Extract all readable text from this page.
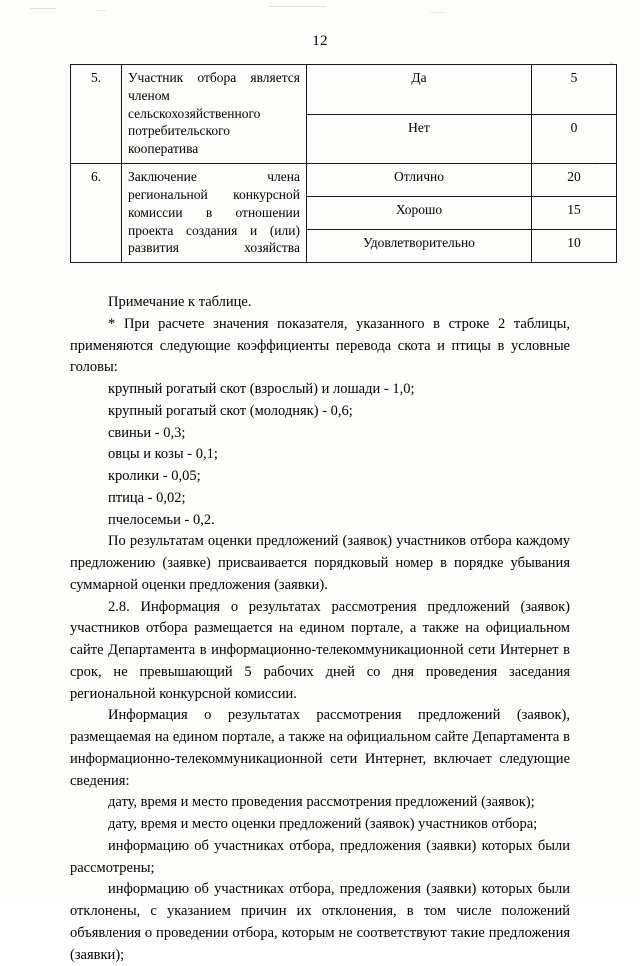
12
5.	Участник отбора является членом сельскохозяйственного потребительского кооператива	Да	5
		Нет	0
6.	Заключение члена региональной конкурсной комиссии в отношении проекта создания и (или) развития хозяйства	Отлично	20
		Хорошо	15
		Удовлетворительно	10

Примечание к таблице.

* При расчете значения показателя, указанного в строке 2 таблицы, применяются следующие коэффициенты перевода скота и птицы в условные головы:

крупный рогатый скот (взрослый) и лошади - 1,0;

крупный рогатый скот (молодняк) - 0,6;

свиньи - 0,3;

овцы и козы - 0,1;

кролики - 0,05;

птица - 0,02;

пчелосемьи - 0,2.

По результатам оценки предложений (заявок) участников отбора каждому предложению (заявке) присваивается порядковый номер в порядке убывания суммарной оценки предложения (заявки).

2.8. Информация о результатах рассмотрения предложений (заявок) участников отбора размещается на едином портале, а также на официальном сайте Департамента в информационно-телекоммуникационной сети Интернет в срок, не превышающий 5 рабочих дней со дня проведения заседания региональной конкурсной комиссии.

Информация о результатах рассмотрения предложений (заявок), размещаемая на едином портале, а также на официальном сайте Департамента в информационно-телекоммуникационной сети Интернет, включает следующие сведения:

дату, время и место проведения рассмотрения предложений (заявок);

дату, время и место оценки предложений (заявок) участников отбора;

информацию об участниках отбора, предложения (заявки) которых были рассмотрены;

информацию об участниках отбора, предложения (заявки) которых были отклонены, с указанием причин их отклонения, в том числе положений объявления о проведении отбора, которым не соответствуют такие предложения (заявки);
